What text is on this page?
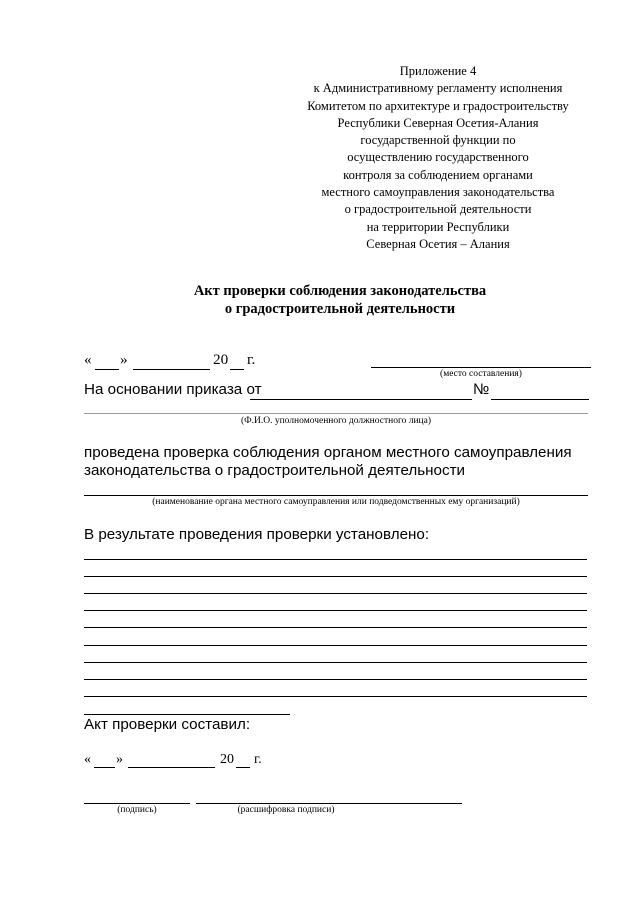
Приложение 4
к Административному регламенту исполнения
Комитетом по архитектуре и градостроительству
Республики Северная Осетия-Алания
государственной функции по
осуществлению государственного
контроля за соблюдением органами
местного самоуправления законодательства
о градостроительной деятельности
на территории Республики
Северная Осетия – Алания
Акт проверки соблюдения законодательства
о градостроительной деятельности
« »	20 г.
(место составления)
На основании приказа от	№
(Ф.И.О. уполномоченного должностного лица)
проведена проверка соблюдения органом местного самоуправления
законодательства о градостроительной деятельности
(наименование органа местного самоуправления или подведомственных ему организаций)
В результате проведения проверки установлено:
Акт проверки составил:
« »	20 г.
(подпись)	(расшифровка подписи)
